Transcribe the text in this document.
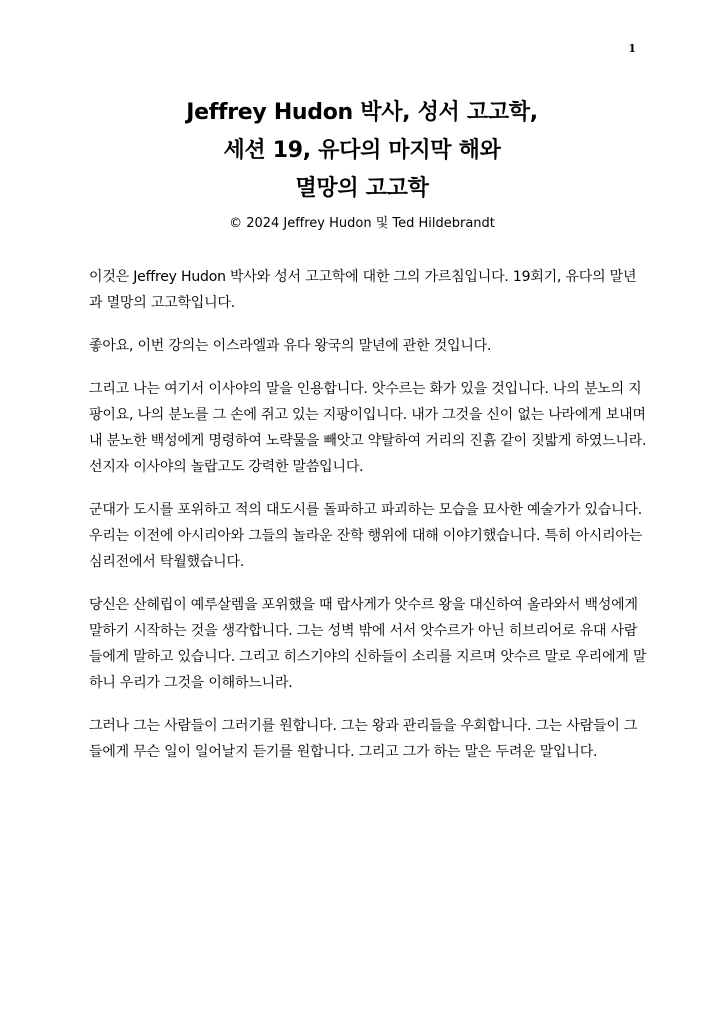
1
Jeffrey Hudon 박사, 성서 고고학,
세션 19, 유다의 마지막 해와
멸망의 고고학
© 2024 Jeffrey Hudon 및 Ted Hildebrandt

이것은 Jeffrey Hudon 박사와 성서 고고학에 대한 그의 가르침입니다. 19회기, 유다의 말년과 멸망의 고고학입니다.

좋아요, 이번 강의는 이스라엘과 유다 왕국의 말년에 관한 것입니다.

그리고 나는 여기서 이사야의 말을 인용합니다. 앗수르는 화가 있을 것입니다. 나의 분노의 지팡이요, 나의 분노를 그 손에 쥐고 있는 지팡이입니다. 내가 그것을 신이 없는 나라에게 보내며 내 분노한 백성에게 명령하여 노략물을 빼앗고 약탈하여 거리의 진흙 같이 짓밟게 하였느니라. 선지자 이사야의 놀랍고도 강력한 말씀입니다.

군대가 도시를 포위하고 적의 대도시를 돌파하고 파괴하는 모습을 묘사한 예술가가 있습니다. 우리는 이전에 아시리아와 그들의 놀라운 잔학 행위에 대해 이야기했습니다. 특히 아시리아는 심리전에서 탁월했습니다.

당신은 산헤립이 예루살렘을 포위했을 때 랍사게가 앗수르 왕을 대신하여 올라와서 백성에게 말하기 시작하는 것을 생각합니다. 그는 성벽 밖에 서서 앗수르가 아닌 히브리어로 유대 사람들에게 말하고 있습니다. 그리고 히스기야의 신하들이 소리를 지르며 앗수르 말로 우리에게 말하니 우리가 그것을 이해하느니라.

그러나 그는 사람들이 그러기를 원합니다. 그는 왕과 관리들을 우회합니다. 그는 사람들이 그들에게 무슨 일이 일어날지 듣기를 원합니다. 그리고 그가 하는 말은 두려운 말입니다.
